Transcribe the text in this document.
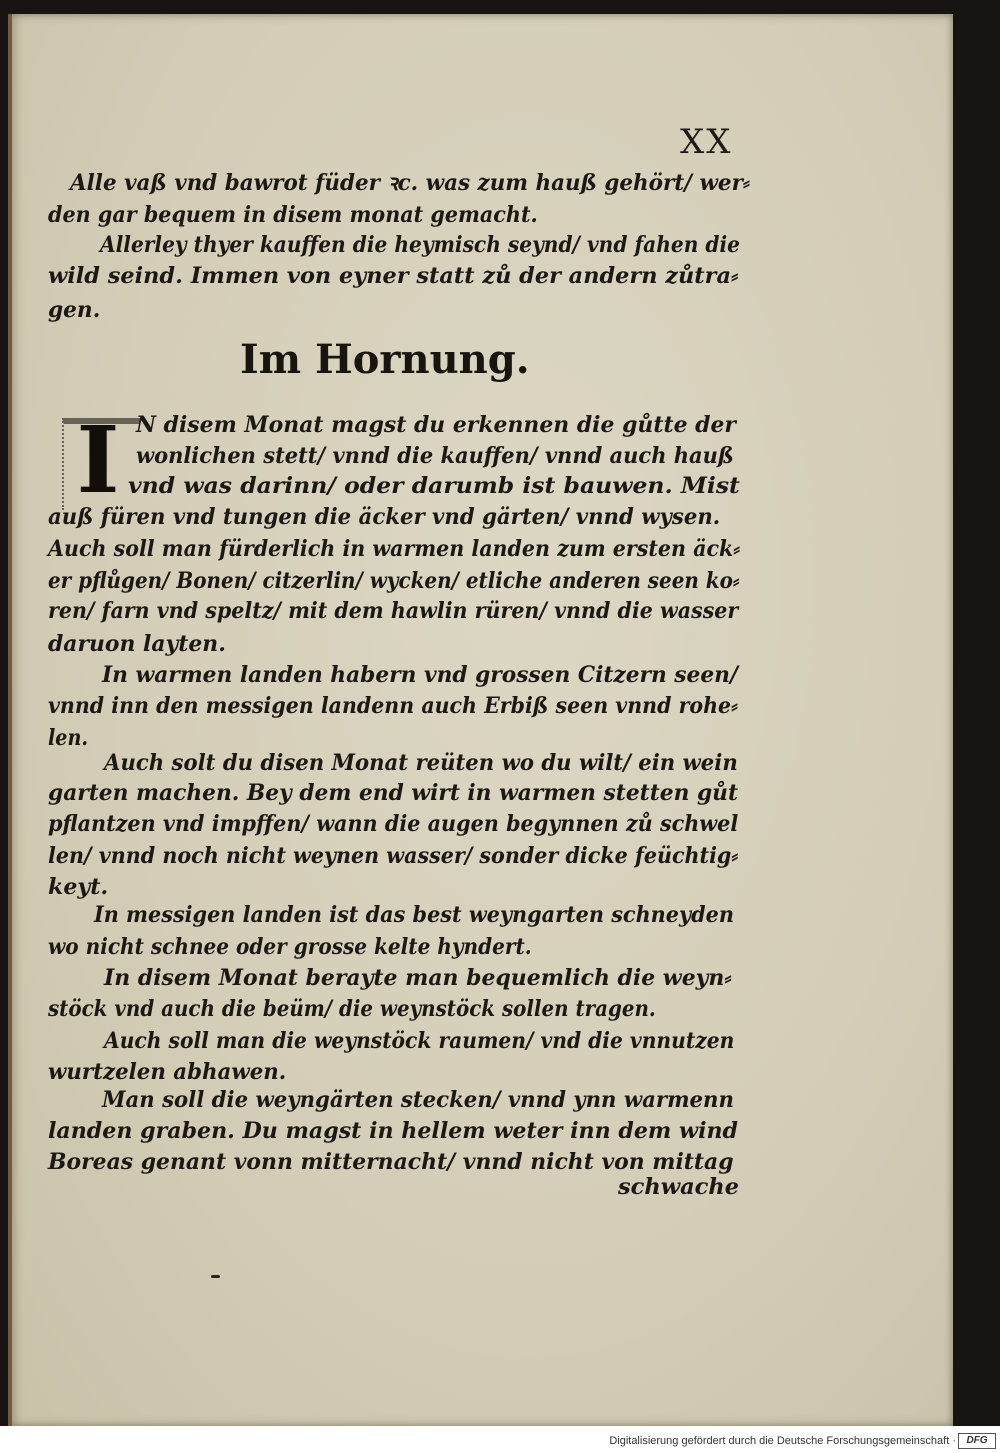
XX
Alle vaß vnd bawrot füder ꝛc. was zum hauß gehört/ wer⸗
den gar bequem in disem monat gemacht.
Allerley thyer kauffen die heymisch seynd/ vnd fahen die
wild seind. Immen von eyner statt zů der andern zůtra⸗
gen.
Im Hornung.
I N disem Monat magst du erkennen die gůtte der
wonlichen stett/ vnnd die kauffen/ vnnd auch hauß
vnd was darinn/ oder darumb ist bauwen. Mist
auß füren vnd tungen die äcker vnd gärten/ vnnd wysen.
Auch soll man fürderlich in warmen landen zum ersten äck⸗
er pflůgen/ Bonen/ citzerlin/ wycken/ etliche anderen seen ko⸗
ren/ farn vnd speltz/ mit dem hawlin rüren/ vnnd die wasser
daruon layten.
In warmen landen habern vnd grossen Citzern seen/
vnnd inn den messigen landenn auch Erbiß seen vnnd rohe⸗
len.
Auch solt du disen Monat reüten wo du wilt/ ein wein
garten machen. Bey dem end wirt in warmen stetten gůt
pflantzen vnd impffen/ wann die augen begynnen zů schwel
len/ vnnd noch nicht weynen wasser/ sonder dicke feüchtig⸗
keyt.
In messigen landen ist das best weyngarten schneyden
wo nicht schnee oder grosse kelte hyndert.
In disem Monat berayte man bequemlich die weyn⸗
stöck vnd auch die beüm/ die weynstöck sollen tragen.
Auch soll man die weynstöck raumen/ vnd die vnnutzen
wurtzelen abhawen.
Man soll die weyngärten stecken/ vnnd ynn warmenn
landen graben. Du magst in hellem weter inn dem wind
Boreas genant vonn mitternacht/ vnnd nicht von mittag
schwache
Digitalisierung gefördert durch die Deutsche Forschungsgemeinschaft ·	DFG
